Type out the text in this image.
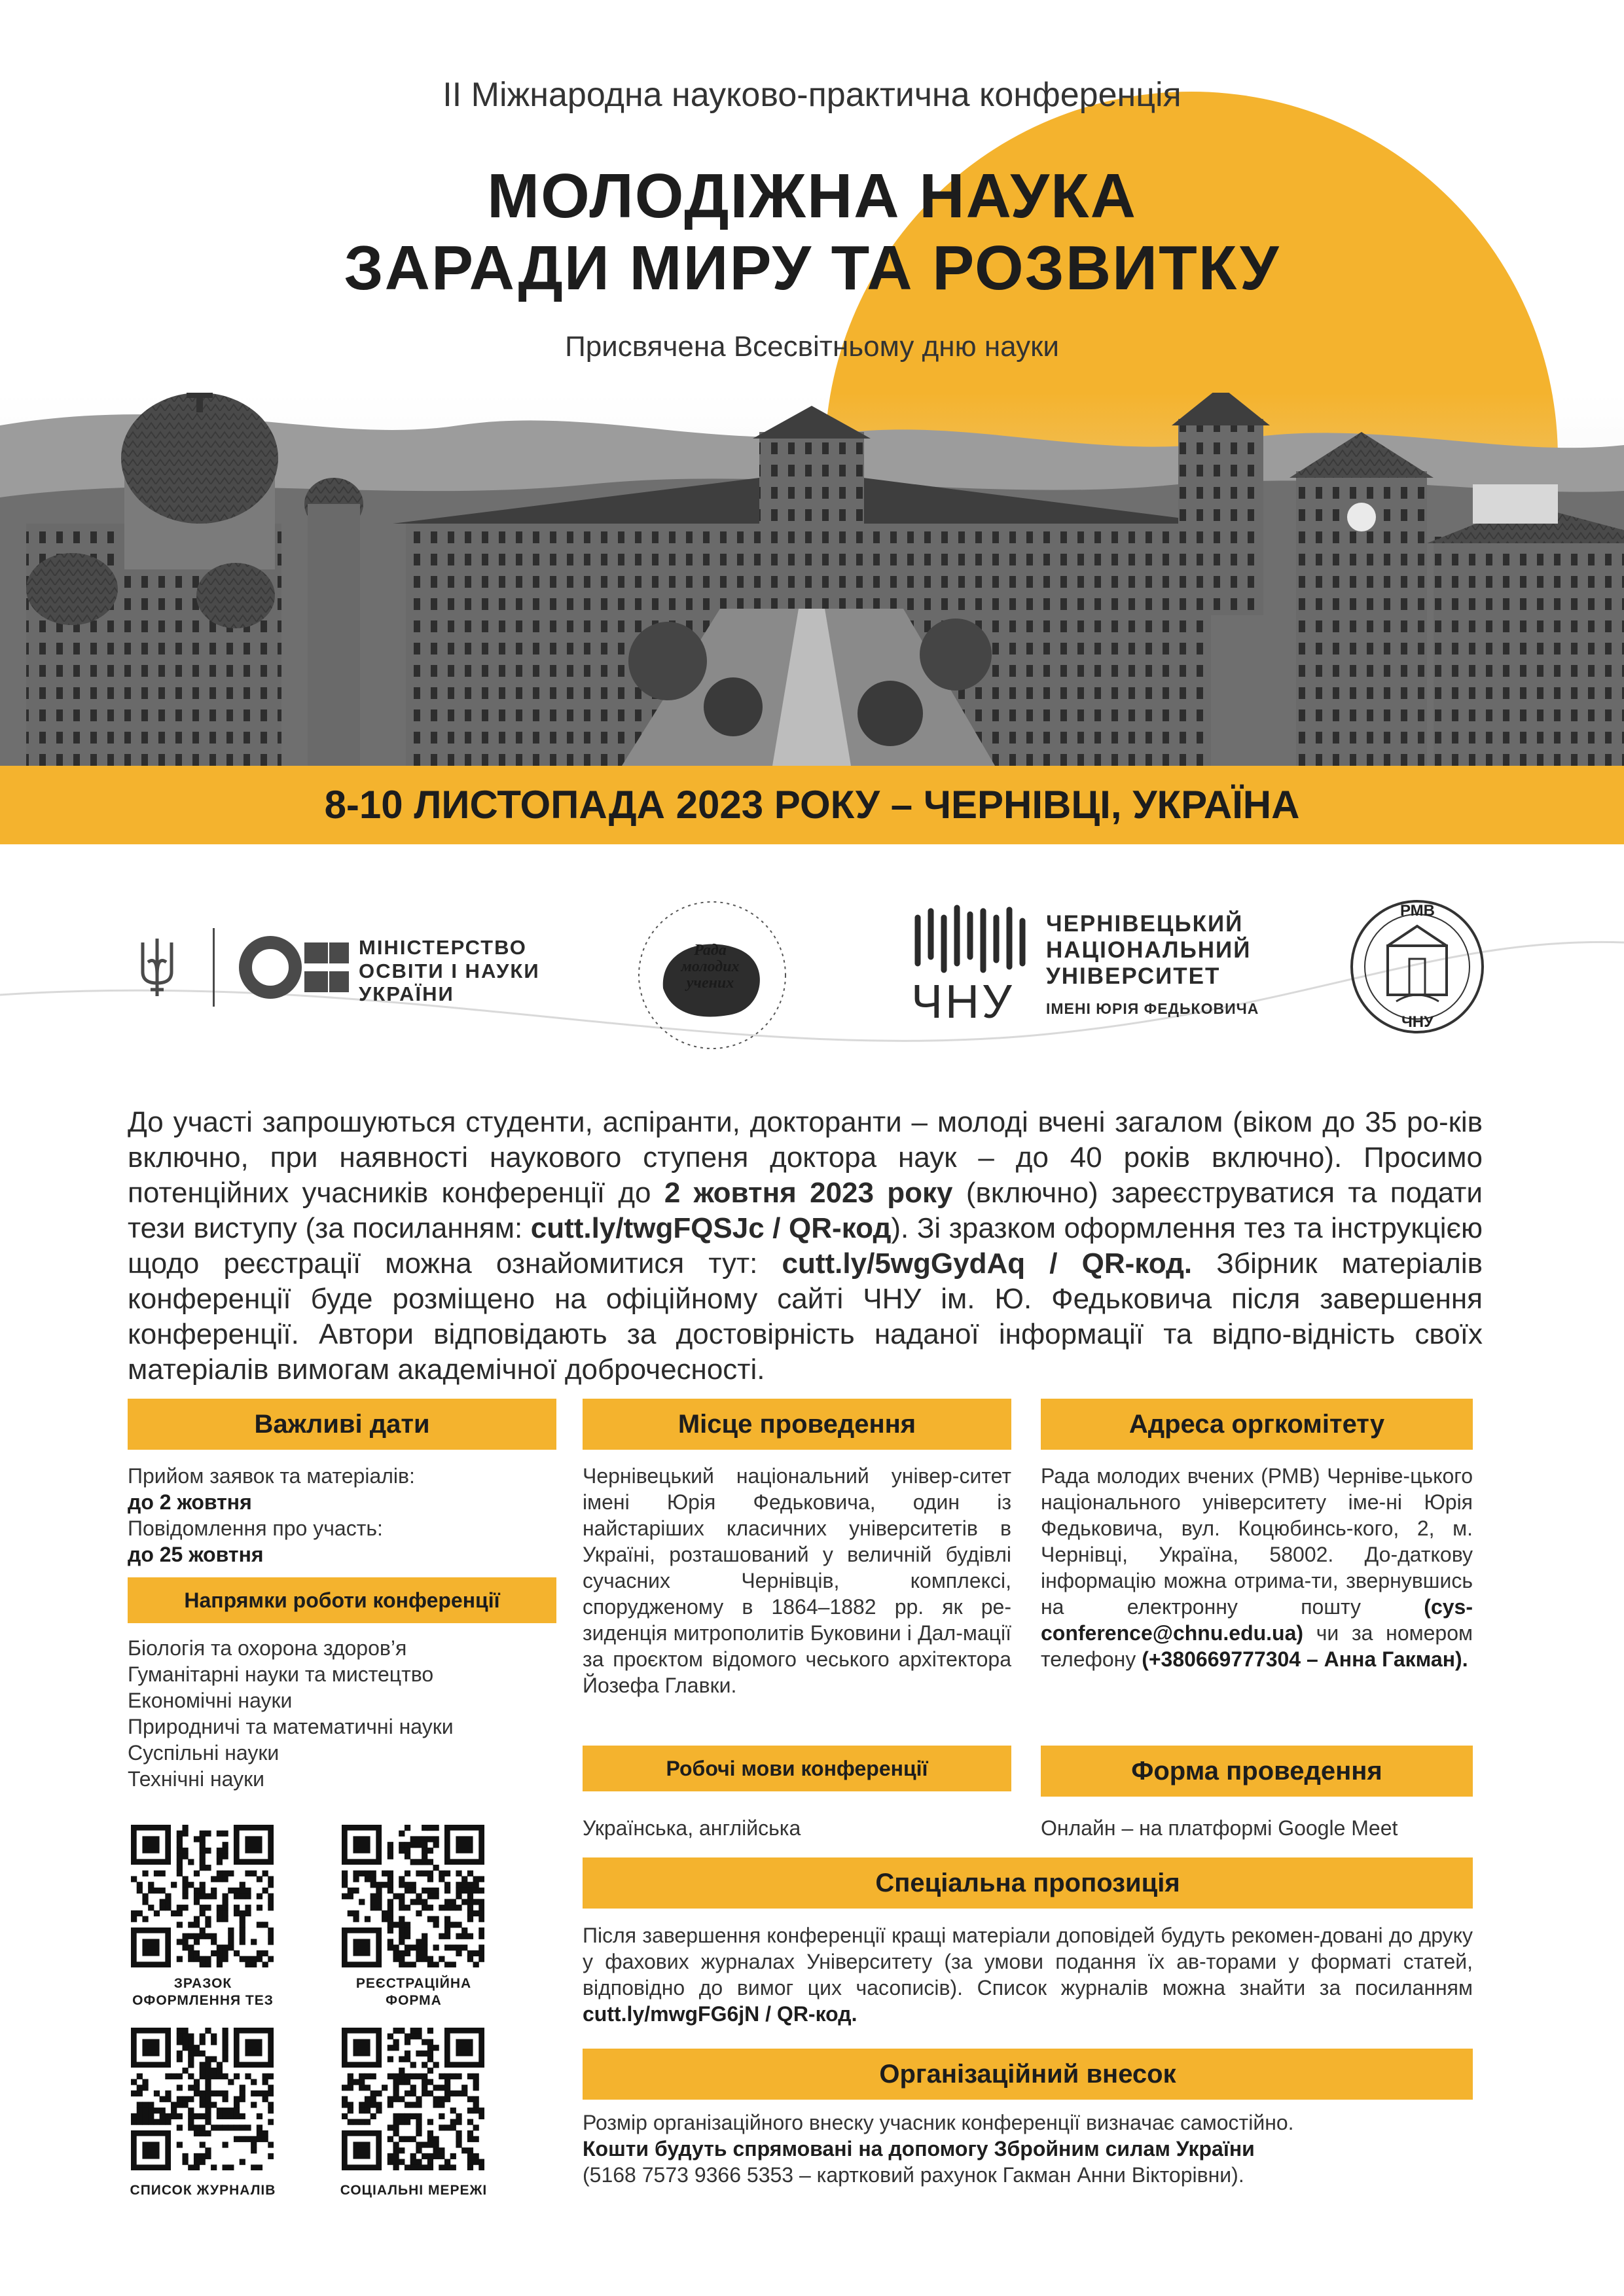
ІІ Міжнародна науково-практична конференція
МОЛОДІЖНА НАУКА
ЗАРАДИ МИРУ ТА РОЗВИТКУ
Присвячена Всесвітньому дню науки
8-10 ЛИСТОПАДА 2023 РОКУ – ЧЕРНІВЦІ, УКРАЇНА
МІНІСТЕРСТВО
ОСВІТИ І НАУКИ
УКРАЇНИ
Рада
молодих
учених	ЧНУ
ЧЕРНІВЕЦЬКИЙ
НАЦІОНАЛЬНИЙ
УНІВЕРСИТЕТ
ІМЕНІ ЮРІЯ ФЕДЬКОВИЧА
РМВ
ЧНУ
До участі запрошуються студенти, аспіранти, докторанти – молоді вчені загалом (віком до 35 ро-ків включно, при наявності наукового ступеня доктора наук – до 40 років включно). Просимо потенційних учасників конференції до 2 жовтня 2023 року (включно) зареєструватися та подати тези виступу (за посиланням: cutt.ly/twgFQSJc / QR-код). Зі зразком оформлення тез та інструкцією щодо реєстрації можна ознайомитися тут: cutt.ly/5wgGydAq / QR-код. Збірник матеріалів конференції буде розміщено на офіційному сайті ЧНУ ім. Ю. Федьковича після завершення конференції. Автори відповідають за достовірність наданої інформації та відпо-відність своїх матеріалів вимогам академічної доброчесності.
Важливі дати
Прийом заявок та матеріалів:
до 2 жовтня
Повідомлення про участь:
до 25 жовтня
Напрямки роботи конференції
Біологія та охорона здоров’я
Гуманітарні науки та мистецтво
Економічні науки
Природничі та математичні науки
Суспільні науки
Технічні науки
ЗРАЗОК
ОФОРМЛЕННЯ ТЕЗ
РЕЄСТРАЦІЙНА
ФОРМА
СПИСОК ЖУРНАЛІВ	СОЦІАЛЬНІ МЕРЕЖІ
Місце проведення
Чернівецький національний універ-ситет імені Юрія Федьковича, один із найстаріших класичних університетів в Україні, розташований у величній будівлі сучасних Чернівців, комплексі, спорудженому в 1864–1882 рр. як ре-зиденція митрополитів Буковини і Дал-мації за проєктом відомого чеського архітектора Йозефа Главки.
Адреса оргкомітету
Рада молодих вчених (РМВ) Черніве-цького національного університету іме-ні Юрія Федьковича, вул. Коцюбинсь-кого, 2, м. Чернівці, Україна, 58002. До-даткову інформацію можна отрима-ти, звернувшись на електронну пошту (cys-conference@chnu.edu.ua) чи за номером телефону (+380669777304 – Анна Гакман).
Робочі мови конференції
Українська, англійська
Форма проведення
Онлайн – на платформі Google Meet
Спеціальна пропозиція
Після завершення конференції кращі матеріали доповідей будуть рекомен-довані до друку у фахових журналах Університету (за умови подання їх ав-торами у форматі статей, відповідно до вимог цих часописів). Список журналів можна знайти за посиланням cutt.ly/mwgFG6jN / QR-код.
Організаційний внесок
Розмір організаційного внеску учасник конференції визначає самостійно.
Кошти будуть спрямовані на допомогу Збройним силам України
(5168 7573 9366 5353 – картковий рахунок Гакман Анни Вікторівни).
